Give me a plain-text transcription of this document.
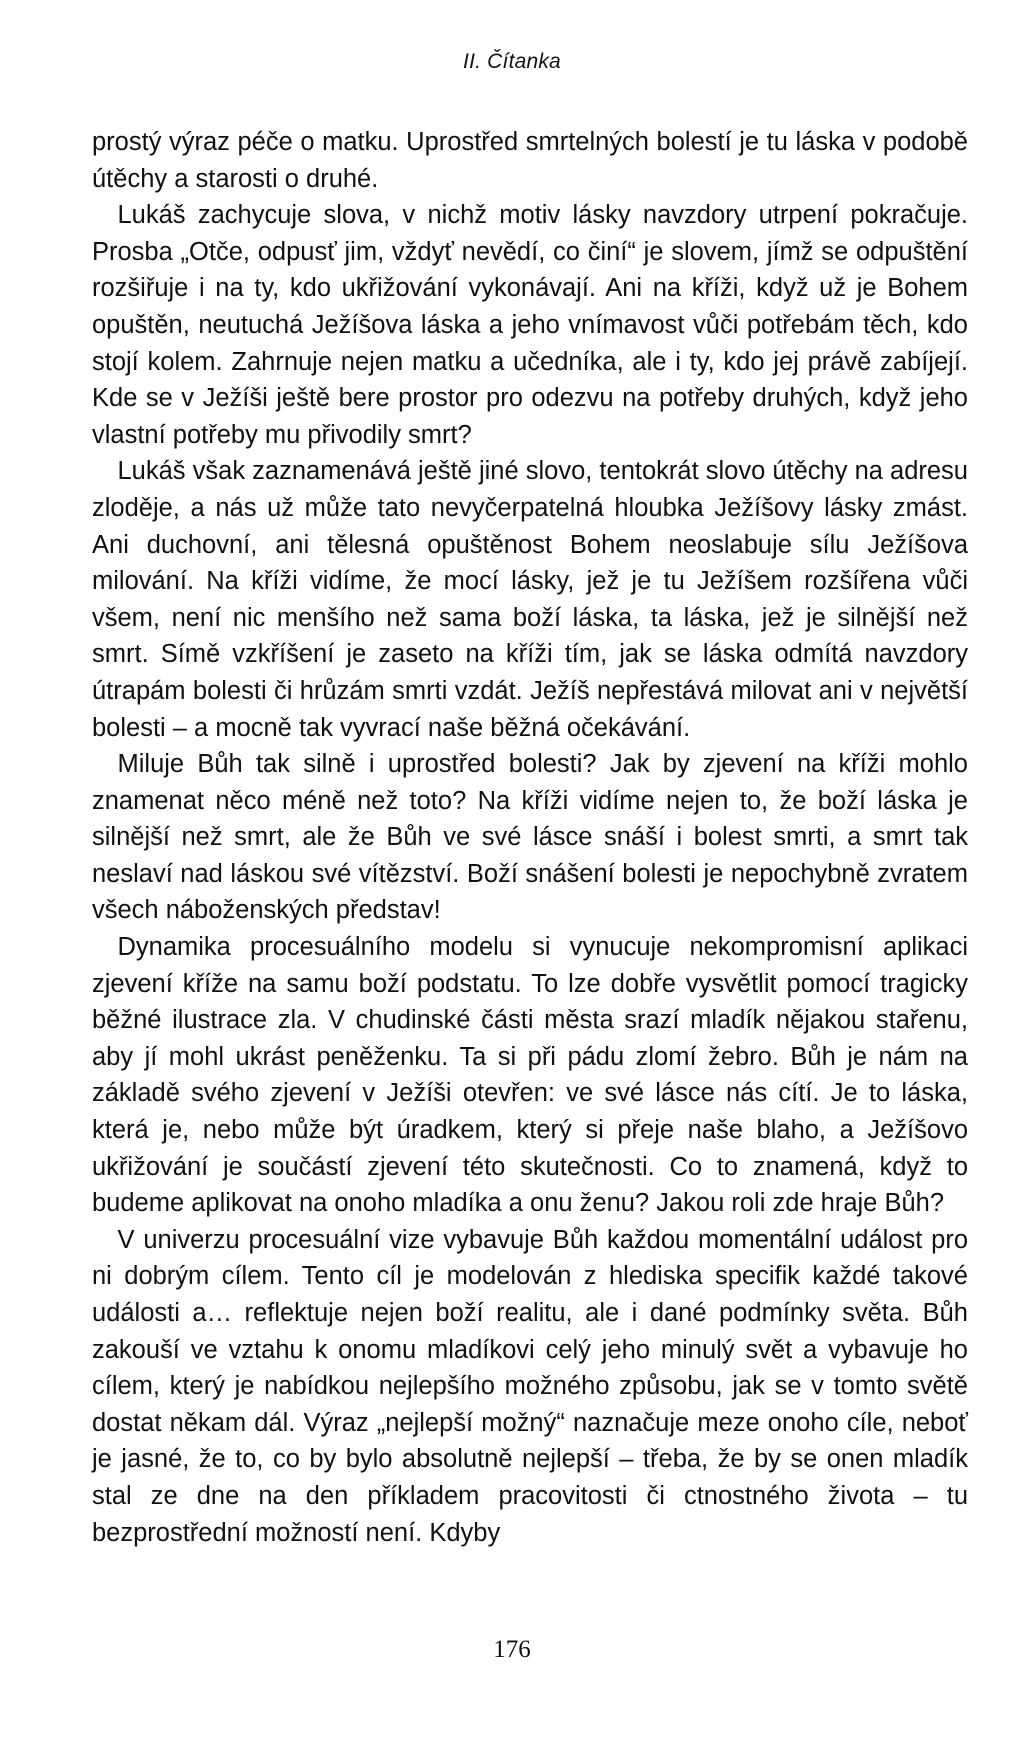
II. Čítanka

prostý výraz péče o matku. Uprostřed smrtelných bolestí je tu láska v podobě útěchy a starosti o druhé.

Lukáš zachycuje slova, v nichž motiv lásky navzdory utrpení pokračuje. Prosba „Otče, odpusť jim, vždyť nevědí, co činí“ je slovem, jímž se odpuštění rozšiřuje i na ty, kdo ukřižování vykonávají. Ani na kříži, když už je Bohem opuštěn, neutuchá Ježíšova láska a jeho vnímavost vůči potřebám těch, kdo stojí kolem. Zahrnuje nejen matku a učedníka, ale i ty, kdo jej právě zabíjejí. Kde se v Ježíši ještě bere prostor pro odezvu na potřeby druhých, když jeho vlastní potřeby mu přivodily smrt?

Lukáš však zaznamenává ještě jiné slovo, tentokrát slovo útěchy na adresu zloděje, a nás už může tato nevyčerpatelná hloubka Ježíšovy lásky zmást. Ani duchovní, ani tělesná opuštěnost Bohem neoslabuje sílu Ježíšova milování. Na kříži vidíme, že mocí lásky, jež je tu Ježíšem rozšířena vůči všem, není nic menšího než sama boží láska, ta láska, jež je silnější než smrt. Símě vzkříšení je zaseto na kříži tím, jak se láska odmítá navzdory útrapám bolesti či hrůzám smrti vzdát. Ježíš nepřestává milovat ani v největší bolesti – a mocně tak vyvrací naše běžná očekávání.

Miluje Bůh tak silně i uprostřed bolesti? Jak by zjevení na kříži mohlo znamenat něco méně než toto? Na kříži vidíme nejen to, že boží láska je silnější než smrt, ale že Bůh ve své lásce snáší i bolest smrti, a smrt tak neslaví nad láskou své vítězství. Boží snášení bolesti je nepochybně zvratem všech náboženských představ!

Dynamika procesuálního modelu si vynucuje nekompromisní aplikaci zjevení kříže na samu boží podstatu. To lze dobře vysvětlit pomocí tragicky běžné ilustrace zla. V chudinské části města srazí mladík nějakou stařenu, aby jí mohl ukrást peněženku. Ta si při pádu zlomí žebro. Bůh je nám na základě svého zjevení v Ježíši otevřen: ve své lásce nás cítí. Je to láska, která je, nebo může být úradkem, který si přeje naše blaho, a Ježíšovo ukřižování je součástí zjevení této skutečnosti. Co to znamená, když to budeme aplikovat na onoho mladíka a onu ženu? Jakou roli zde hraje Bůh?

V univerzu procesuální vize vybavuje Bůh každou momentální událost pro ni dobrým cílem. Tento cíl je modelován z hlediska specifik každé takové události a… reflektuje nejen boží realitu, ale i dané podmínky světa. Bůh zakouší ve vztahu k onomu mladíkovi celý jeho minulý svět a vybavuje ho cílem, který je nabídkou nejlepšího možného způsobu, jak se v tomto světě dostat někam dál. Výraz „nejlepší možný“ naznačuje meze onoho cíle, neboť je jasné, že to, co by bylo absolutně nejlepší – třeba, že by se onen mladík stal ze dne na den příkladem pracovitosti či ctnostného života – tu bezprostřední možností není. Kdyby

176
